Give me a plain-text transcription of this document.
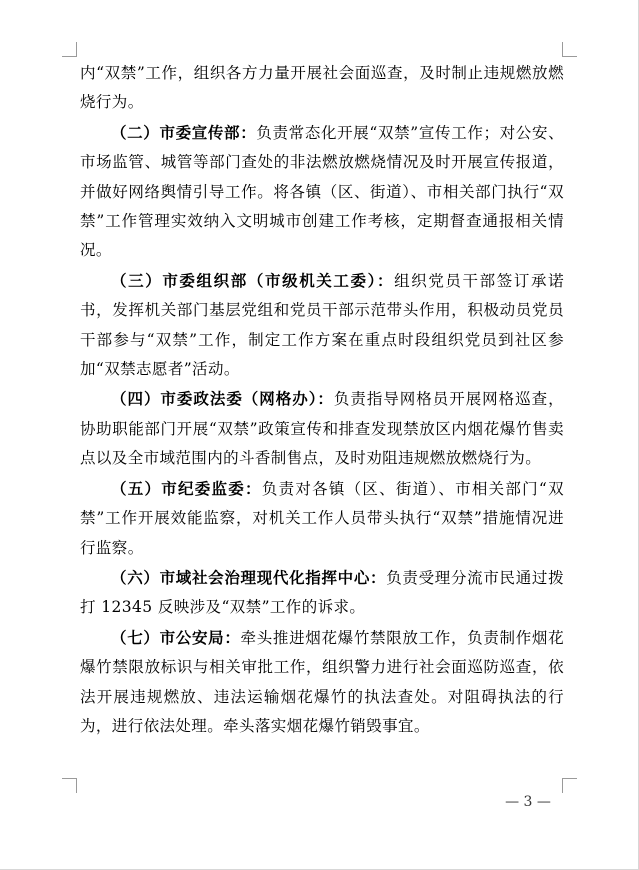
内“双禁”工作，组织各方力量开展社会面巡查，及时制止违规燃放燃烧行为。

（二）市委宣传部：负责常态化开展“双禁”宣传工作；对公安、市场监管、城管等部门查处的非法燃放燃烧情况及时开展宣传报道，并做好网络舆情引导工作。将各镇（区、街道）、市相关部门执行“双禁”工作管理实效纳入文明城市创建工作考核，定期督查通报相关情况。

（三）市委组织部（市级机关工委）：组织党员干部签订承诺书，发挥机关部门基层党组和党员干部示范带头作用，积极动员党员干部参与“双禁”工作，制定工作方案在重点时段组织党员到社区参加“双禁志愿者”活动。

（四）市委政法委（网格办）：负责指导网格员开展网格巡查，协助职能部门开展“双禁”政策宣传和排查发现禁放区内烟花爆竹售卖点以及全市域范围内的斗香制售点，及时劝阻违规燃放燃烧行为。

（五）市纪委监委：负责对各镇（区、街道）、市相关部门“双禁”工作开展效能监察，对机关工作人员带头执行“双禁”措施情况进行监察。

（六）市域社会治理现代化指挥中心：负责受理分流市民通过拨打 12345 反映涉及“双禁”工作的诉求。

（七）市公安局：牵头推进烟花爆竹禁限放工作，负责制作烟花爆竹禁限放标识与相关审批工作，组织警力进行社会面巡防巡查，依法开展违规燃放、违法运输烟花爆竹的执法查处。对阻碍执法的行为，进行依法处理。牵头落实烟花爆竹销毁事宜。

— 3 —
